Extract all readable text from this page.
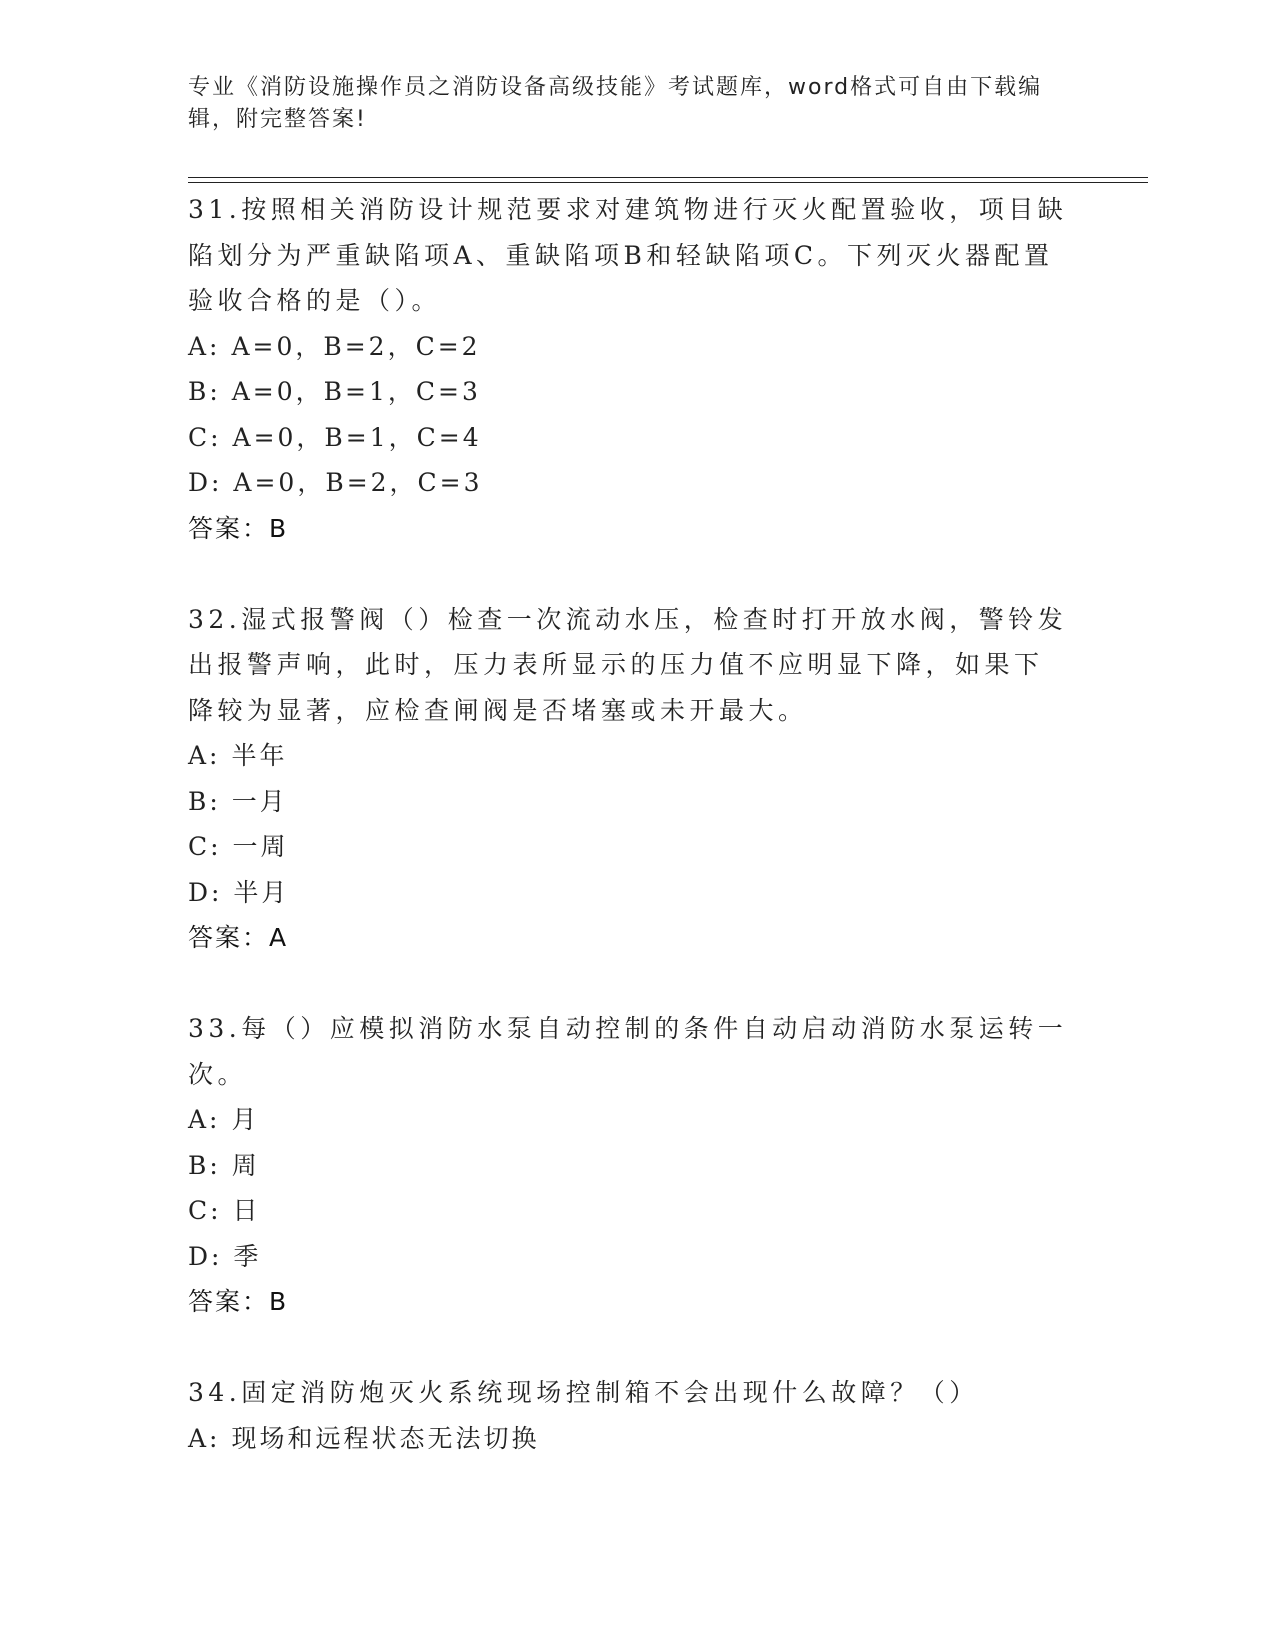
专业《消防设施操作员之消防设备高级技能》考试题库，word格式可自由下载编辑，附完整答案!
31.按照相关消防设计规范要求对建筑物进行灭火配置验收，项目缺陷划分为严重缺陷项A、重缺陷项B和轻缺陷项C。下列灭火器配置验收合格的是（）。
A: A=0，B=2，C=2
B: A=0，B=1，C=3
C: A=0，B=1，C=4
D: A=0，B=2，C=3
答案：B
32.湿式报警阀（）检查一次流动水压，检查时打开放水阀，警铃发出报警声响，此时，压力表所显示的压力值不应明显下降，如果下降较为显著，应检查闸阀是否堵塞或未开最大。
A: 半年
B: 一月
C: 一周
D: 半月
答案：A
33.每（）应模拟消防水泵自动控制的条件自动启动消防水泵运转一次。
A: 月
B: 周
C: 日
D: 季
答案：B
34.固定消防炮灭火系统现场控制箱不会出现什么故障？（）
A: 现场和远程状态无法切换
